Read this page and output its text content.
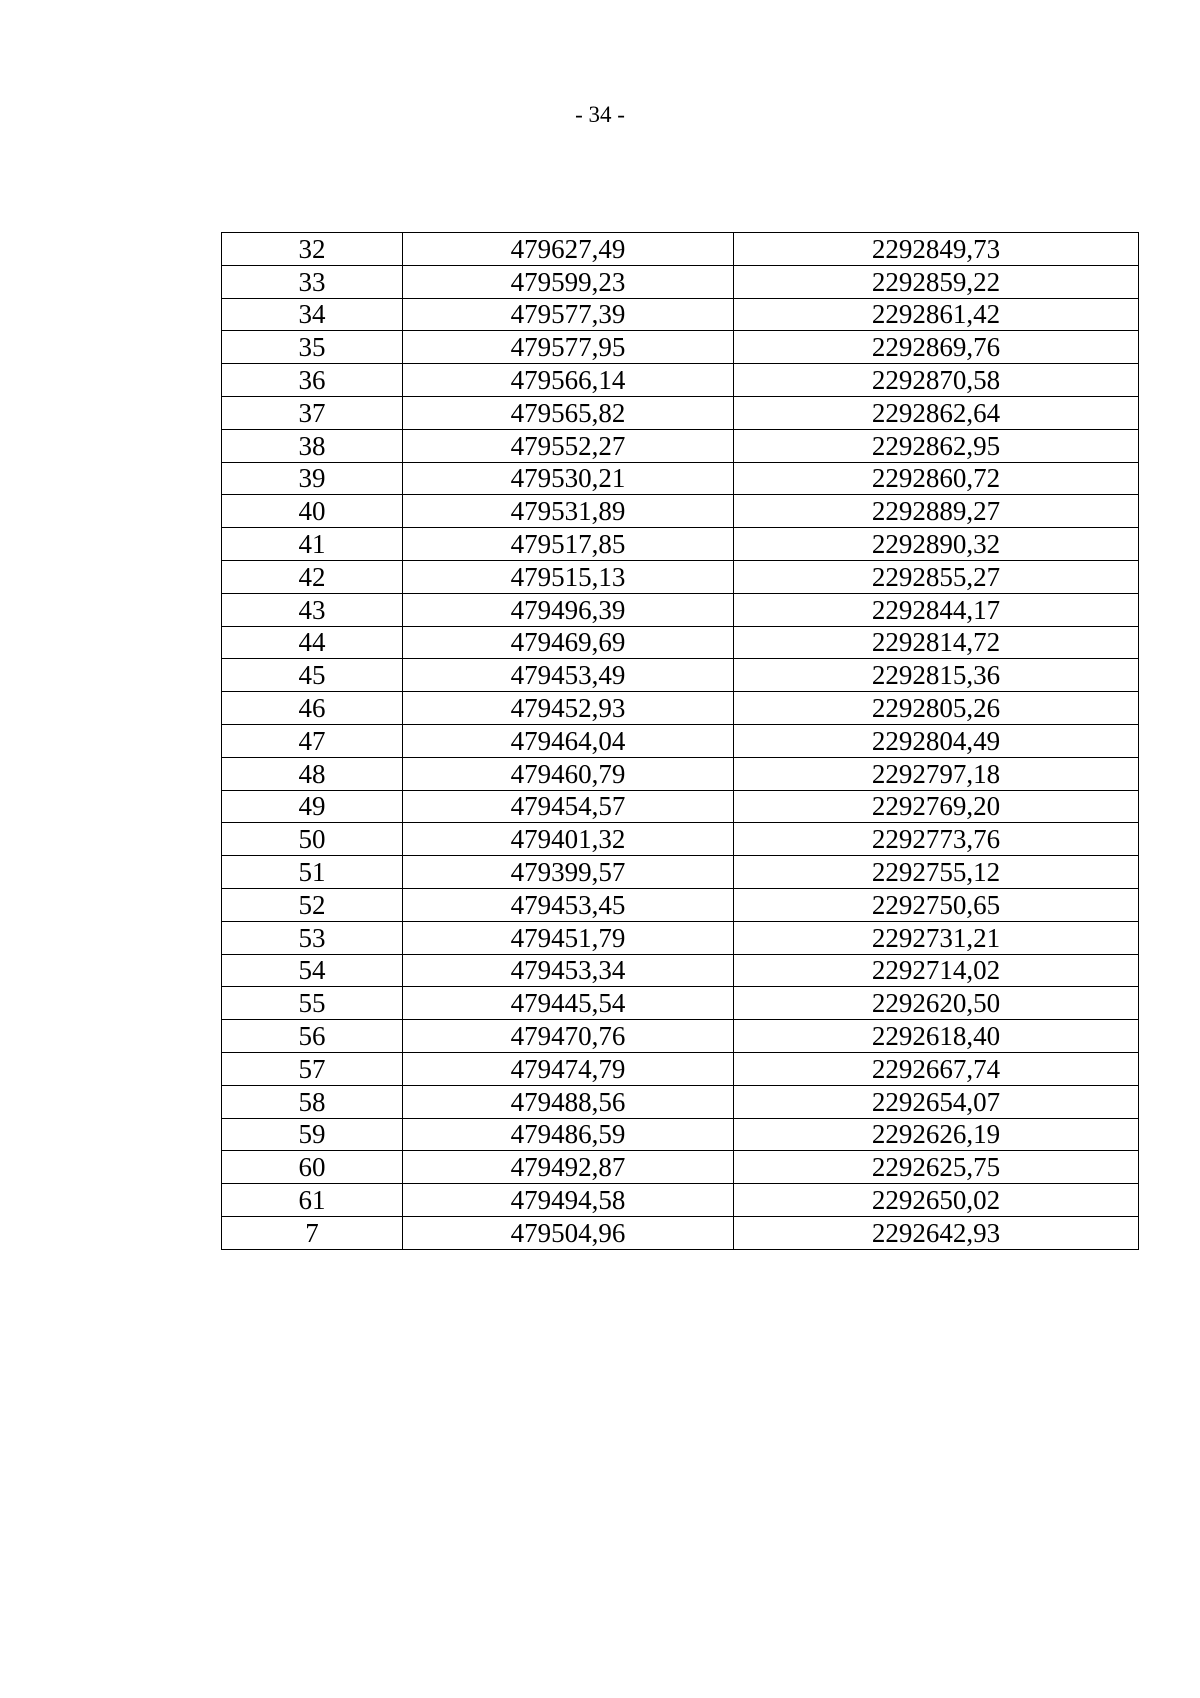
- 34 -
32	479627,49	2292849,73
33	479599,23	2292859,22
34	479577,39	2292861,42
35	479577,95	2292869,76
36	479566,14	2292870,58
37	479565,82	2292862,64
38	479552,27	2292862,95
39	479530,21	2292860,72
40	479531,89	2292889,27
41	479517,85	2292890,32
42	479515,13	2292855,27
43	479496,39	2292844,17
44	479469,69	2292814,72
45	479453,49	2292815,36
46	479452,93	2292805,26
47	479464,04	2292804,49
48	479460,79	2292797,18
49	479454,57	2292769,20
50	479401,32	2292773,76
51	479399,57	2292755,12
52	479453,45	2292750,65
53	479451,79	2292731,21
54	479453,34	2292714,02
55	479445,54	2292620,50
56	479470,76	2292618,40
57	479474,79	2292667,74
58	479488,56	2292654,07
59	479486,59	2292626,19
60	479492,87	2292625,75
61	479494,58	2292650,02
7	479504,96	2292642,93
